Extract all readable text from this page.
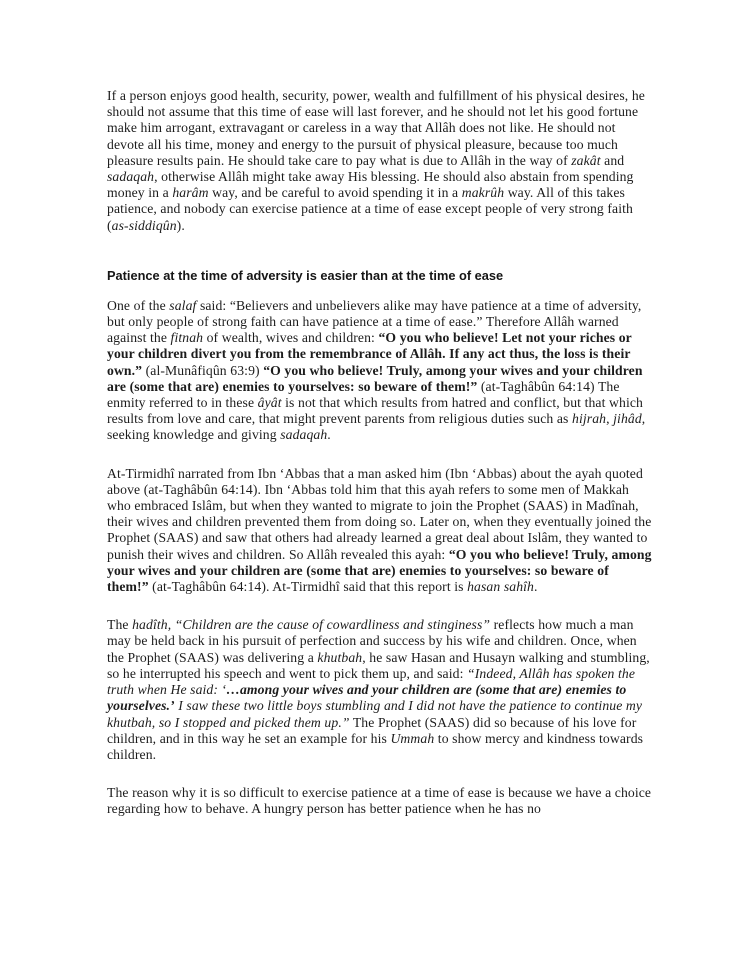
If a person enjoys good health, security, power, wealth and fulfillment of his physical desires, he should not assume that this time of ease will last forever, and he should not let his good fortune make him arrogant, extravagant or careless in a way that Allâh does not like. He should not devote all his time, money and energy to the pursuit of physical pleasure, because too much pleasure results pain. He should take care to pay what is due to Allâh in the way of zakât and sadaqah, otherwise Allâh might take away His blessing. He should also abstain from spending money in a harâm way, and be careful to avoid spending it in a makrûh way. All of this takes patience, and nobody can exercise patience at a time of ease except people of very strong faith (as-siddiqûn).

Patience at the time of adversity is easier than at the time of ease

One of the salaf said: “Believers and unbelievers alike may have patience at a time of adversity, but only people of strong faith can have patience at a time of ease.” Therefore Allâh warned against the fitnah of wealth, wives and children: “O you who believe! Let not your riches or your children divert you from the remembrance of Allâh. If any act thus, the loss is their own.” (al-Munâfiqûn 63:9) “O you who believe! Truly, among your wives and your children are (some that are) enemies to yourselves: so beware of them!” (at-Taghâbûn 64:14) The enmity referred to in these âyât is not that which results from hatred and conflict, but that which results from love and care, that might prevent parents from religious duties such as hijrah, jihâd, seeking knowledge and giving sadaqah.

At-Tirmidhî narrated from Ibn ‘Abbas that a man asked him (Ibn ‘Abbas) about the ayah quoted above (at-Taghâbûn 64:14). Ibn ‘Abbas told him that this ayah refers to some men of Makkah who embraced Islâm, but when they wanted to migrate to join the Prophet (SAAS) in Madînah, their wives and children prevented them from doing so. Later on, when they eventually joined the Prophet (SAAS) and saw that others had already learned a great deal about Islâm, they wanted to punish their wives and children. So Allâh revealed this ayah: “O you who believe! Truly, among your wives and your children are (some that are) enemies to yourselves: so beware of them!” (at-Taghâbûn 64:14). At-Tirmidhî said that this report is hasan sahîh.

The hadîth, “Children are the cause of cowardliness and stinginess” reflects how much a man may be held back in his pursuit of perfection and success by his wife and children. Once, when the Prophet (SAAS) was delivering a khutbah, he saw Hasan and Husayn walking and stumbling, so he interrupted his speech and went to pick them up, and said: “Indeed, Allâh has spoken the truth when He said: ‘…among your wives and your children are (some that are) enemies to yourselves.’ I saw these two little boys stumbling and I did not have the patience to continue my khutbah, so I stopped and picked them up.” The Prophet (SAAS) did so because of his love for children, and in this way he set an example for his Ummah to show mercy and kindness towards children.

The reason why it is so difficult to exercise patience at a time of ease is because we have a choice regarding how to behave. A hungry person has better patience when he has no
